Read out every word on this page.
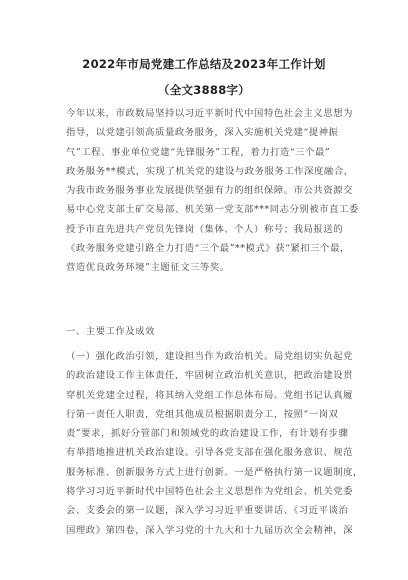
2022年市局党建工作总结及2023年工作计划
（全文3888字）
今年以来，市政数局坚持以习近平新时代中国特色社会主义思想为
指导，以党建引领高质量政务服务，深入实施机关党建“提神振
气”工程、事业单位党建“先锋服务”工程，着力打造“三个最”
政务服务**模式，实现了机关党的建设与政务服务工作深度融合，
为我市政务服务事业发展提供坚强有力的组织保障。市公共资源交
易中心党支部土矿交易部、机关第一党支部***同志分别被市直工委
授予市直先进共产党员先锋岗（集体、个人）称号；我局报送的
《政务服务党建引路全力打造“三个最”**模式》获“紧扣三个最，
营造优良政务环境”主题征文三等奖。
一、主要工作及成效
（一）强化政治引领，建设担当作为政治机关。局党组切实负起党
的政治建设工作主体责任，牢固树立政治机关意识，把政治建设贯
穿机关党建全过程，将其纳入党组工作总体布局。党组书记认真履
行第一责任人职责，党组其他成员根据职责分工，按照“一岗双
责”要求，抓好分管部门和领域党的政治建设工作，有计划有步骤
有举措地推进机关政治建设。引导各党支部在强化服务意识、规范
服务标准、创新服务方式上进行创新。一是严格执行第一议题制度，
将学习习近平新时代中国特色社会主义思想作为党组会、机关党委
会、支委会的第一议题，深入学习习近平重要讲话、《习近平谈治
国理政》第四卷，深入学习党的十九大和十九届历次全会精神，深
